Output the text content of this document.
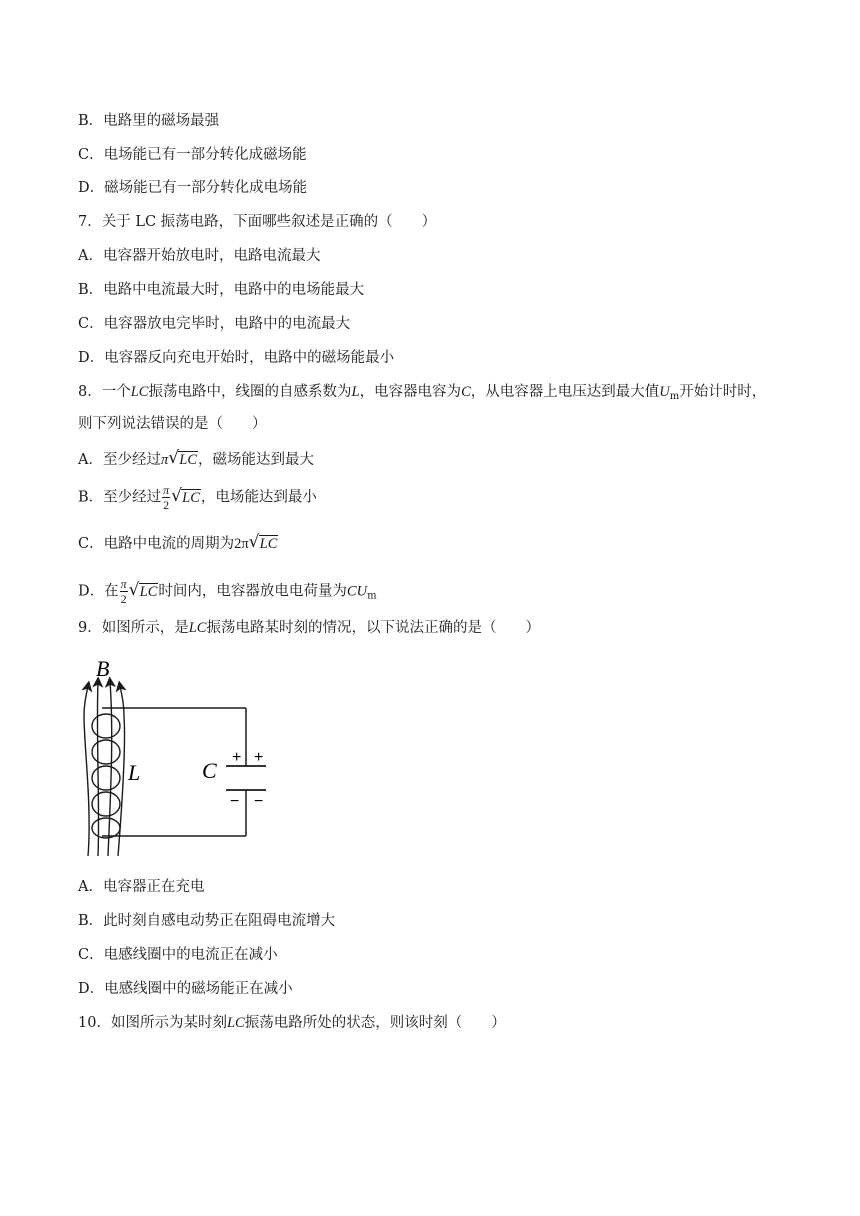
B．电路里的磁场最强
C．电场能已有一部分转化成磁场能
D．磁场能已有一部分转化成电场能
7．关于 LC 振荡电路，下面哪些叙述是正确的（　　）
A．电容器开始放电时，电路电流最大
B．电路中电流最大时，电路中的电场能最大
C．电容器放电完毕时，电路中的电流最大
D．电容器反向充电开始时，电路中的磁场能最小
8．一个LC振荡电路中，线圈的自感系数为L，电容器电容为C，从电容器上电压达到最大值$U_m$开始计时时，
则下列说法错误的是（　　）
A．至少经过π √ LC，磁场能达到最大
B．至少经过 $\frac{\pi}{2}$ √ LC，电场能达到最小
C．电路中电流的周期为2π √ LC
D．在 $\frac{\pi}{2}$ √ LC时间内，电容器放电电荷量为$CU_m$
9．如图所示，是LC振荡电路某时刻的情况，以下说法正确的是（　　）
+ +
− −
B
L	C
A．电容器正在充电
B．此时刻自感电动势正在阻碍电流增大
C．电感线圈中的电流正在减小
D．电感线圈中的磁场能正在减小
10．如图所示为某时刻LC振荡电路所处的状态，则该时刻（　　）
